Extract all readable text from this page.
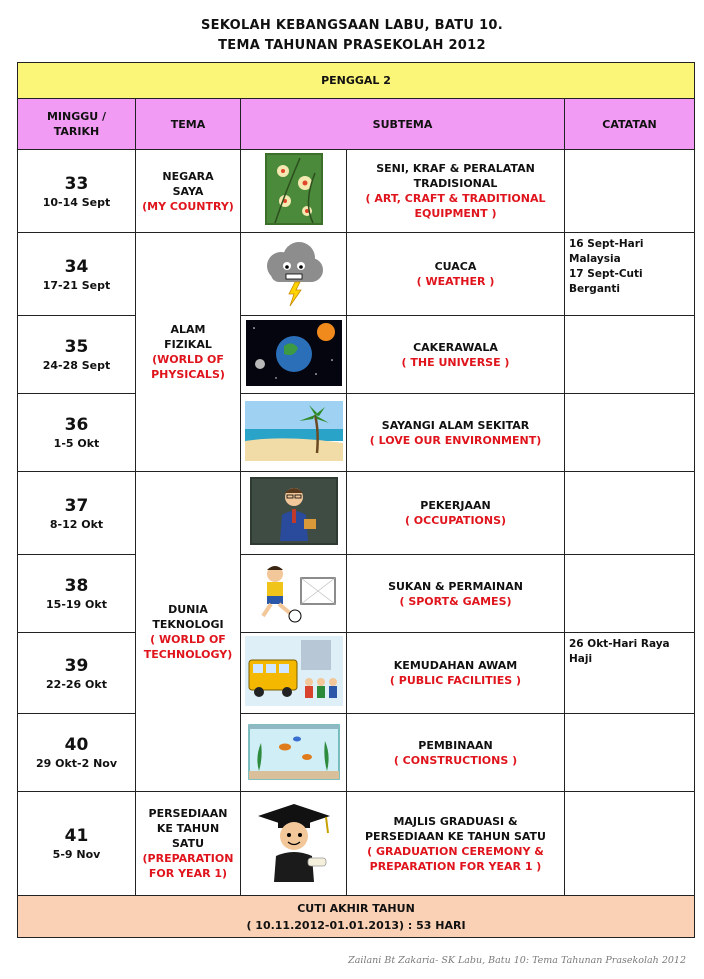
SEKOLAH KEBANGSAAN LABU, BATU 10.
TEMA TAHUNAN PRASEKOLAH 2012
PENGGAL 2				

MINGGU /
TARIKH	TEMA	SUBTEMA		CATATAN

33
10-14 Sept	NEGARA
SAYA
(MY COUNTRY)		SENI, KRAF & PERALATAN
TRADISIONAL
( ART, CRAFT & TRADITIONAL
EQUIPMENT )	

34
17-21 Sept	ALAM
FIZIKAL
(WORLD OF
PHYSICALS)		CUACA
( WEATHER )	16 Sept-Hari
Malaysia
17 Sept-Cuti
Berganti

35
24-28 Sept			CAKERAWALA
( THE UNIVERSE )	

36
1-5 Okt			SAYANGI ALAM SEKITAR
( LOVE OUR ENVIRONMENT)	

37
8-12 Okt	DUNIA
TEKNOLOGI
( WORLD OF
TECHNOLOGY)		PEKERJAAN
( OCCUPATIONS)	

38
15-19 Okt			SUKAN & PERMAINAN
( SPORT& GAMES)	

39
22-26 Okt			KEMUDAHAN AWAM
( PUBLIC FACILITIES )	26 Okt-Hari Raya
Haji

40
29 Okt-2 Nov			PEMBINAAN
( CONSTRUCTIONS )	

41
5-9 Nov	PERSEDIAAN
KE TAHUN
SATU
(PREPARATION
FOR YEAR 1)		MAJLIS GRADUASI &
PERSEDIAAN KE TAHUN SATU
( GRADUATION CEREMONY &
PREPARATION FOR YEAR 1 )	

CUTI AKHIR TAHUN
( 10.11.2012-01.01.2013) : 53 HARI				
Zailani Bt Zakaria- SK Labu, Batu 10: Tema Tahunan Prasekolah 2012
